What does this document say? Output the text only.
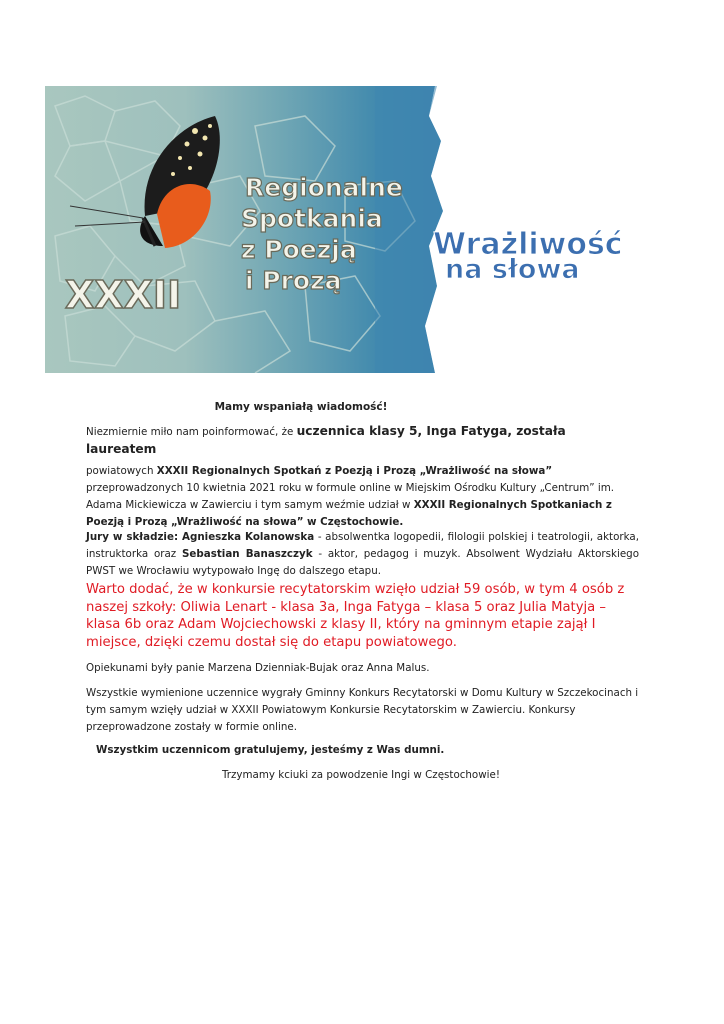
Regionalne
Spotkania
z Poezją
i Prozą
XXXII
Wrażliwość
na słowa
Mamy wspaniałą wiadomość!
Niezmiernie miło nam poinformować, że uczennica klasy 5, Inga Fatyga, została laureatem
powiatowych XXXII Regionalnych Spotkań z Poezją i Prozą „Wrażliwość na słowa” przeprowadzonych 10 kwietnia 2021 roku w formule online w Miejskim Ośrodku Kultury „Centrum” im. Adama Mickiewicza w Zawierciu i tym samym weźmie udział w XXXII Regionalnych Spotkaniach z Poezją i Prozą „Wrażliwość na słowa” w Częstochowie.
Jury w składzie: Agnieszka Kolanowska - absolwentka logopedii, filologii polskiej i teatrologii, aktorka, instruktorka oraz Sebastian Banaszczyk - aktor, pedagog i muzyk. Absolwent Wydziału Aktorskiego PWST we Wrocławiu wytypowało Ingę do dalszego etapu.
Warto dodać, że w konkursie recytatorskim wzięło udział 59 osób, w tym 4 osób z naszej szkoły: Oliwia Lenart - klasa 3a, Inga Fatyga – klasa 5 oraz Julia Matyja – klasa 6b oraz Adam Wojciechowski z klasy II, który na gminnym etapie zajął I miejsce, dzięki czemu dostał się do etapu powiatowego.
Opiekunami były panie Marzena Dzienniak-Bujak oraz Anna Malus.
Wszystkie wymienione uczennice wygrały Gminny Konkurs Recytatorski w Domu Kultury w Szczekocinach i tym samym wzięły udział w XXXII Powiatowym Konkursie Recytatorskim w Zawierciu. Konkursy przeprowadzone zostały w formie online.
Wszystkim uczennicom gratulujemy, jesteśmy z Was dumni.
Trzymamy kciuki za powodzenie Ingi w Częstochowie!
